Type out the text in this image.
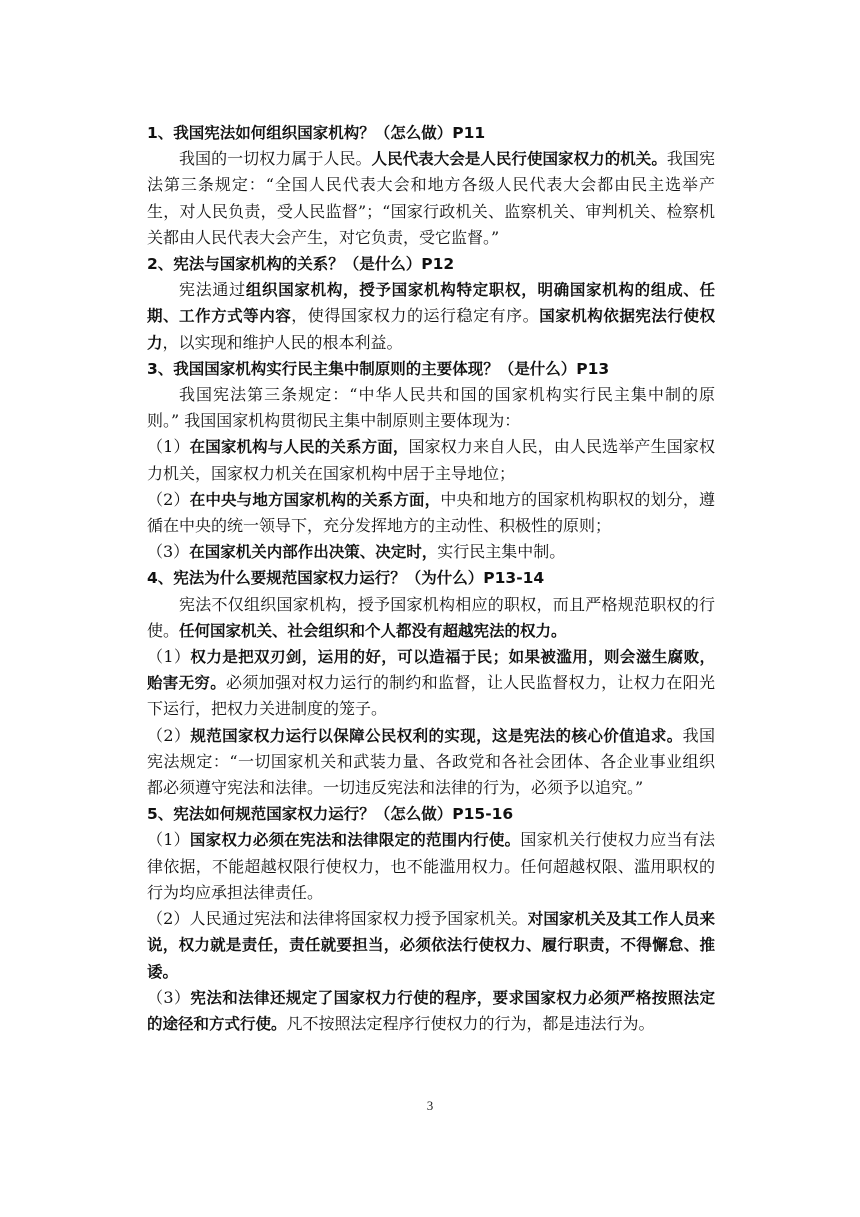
1、我国宪法如何组织国家机构？（怎么做）P11

我国的一切权力属于人民。人民代表大会是人民行使国家权力的机关。我国宪法第三条规定：“全国人民代表大会和地方各级人民代表大会都由民主选举产生，对人民负责，受人民监督”；“国家行政机关、监察机关、审判机关、检察机关都由人民代表大会产生，对它负责，受它监督。”

2、宪法与国家机构的关系？（是什么）P12

宪法通过组织国家机构，授予国家机构特定职权，明确国家机构的组成、任期、工作方式等内容，使得国家权力的运行稳定有序。国家机构依据宪法行使权力，以实现和维护人民的根本利益。

3、我国国家机构实行民主集中制原则的主要体现？（是什么）P13

我国宪法第三条规定：“中华人民共和国的国家机构实行民主集中制的原则。” 我国国家机构贯彻民主集中制原则主要体现为：

（1）在国家机构与人民的关系方面，国家权力来自人民，由人民选举产生国家权力机关，国家权力机关在国家机构中居于主导地位；

（2）在中央与地方国家机构的关系方面，中央和地方的国家机构职权的划分，遵循在中央的统一领导下，充分发挥地方的主动性、积极性的原则；

（3）在国家机关内部作出决策、决定时，实行民主集中制。

4、宪法为什么要规范国家权力运行？（为什么）P13-14

宪法不仅组织国家机构，授予国家机构相应的职权，而且严格规范职权的行使。任何国家机关、社会组织和个人都没有超越宪法的权力。

（1）权力是把双刃剑，运用的好，可以造福于民；如果被滥用，则会滋生腐败，贻害无穷。必须加强对权力运行的制约和监督，让人民监督权力，让权力在阳光下运行，把权力关进制度的笼子。

（2）规范国家权力运行以保障公民权利的实现，这是宪法的核心价值追求。我国宪法规定：“一切国家机关和武装力量、各政党和各社会团体、各企业事业组织都必须遵守宪法和法律。一切违反宪法和法律的行为，必须予以追究。”

5、宪法如何规范国家权力运行？（怎么做）P15-16

（1）国家权力必须在宪法和法律限定的范围内行使。国家机关行使权力应当有法律依据，不能超越权限行使权力，也不能滥用权力。任何超越权限、滥用职权的行为均应承担法律责任。

（2）人民通过宪法和法律将国家权力授予国家机关。对国家机关及其工作人员来说，权力就是责任，责任就要担当，必须依法行使权力、履行职责，不得懈怠、推诿。

（3）宪法和法律还规定了国家权力行使的程序，要求国家权力必须严格按照法定的途径和方式行使。凡不按照法定程序行使权力的行为，都是违法行为。

3
